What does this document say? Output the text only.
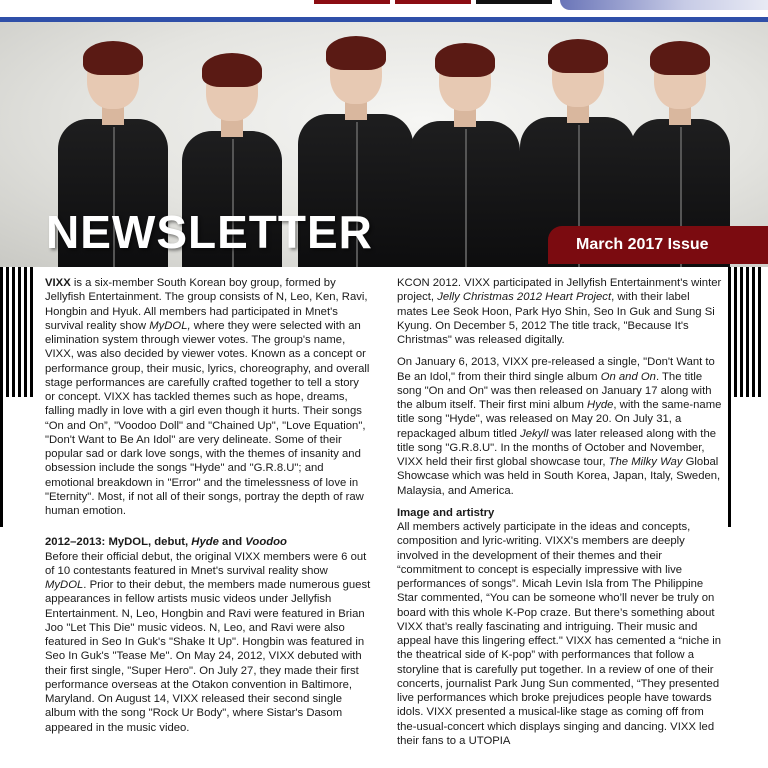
NEWSLETTER	March 2017 Issue

VIXX is a six-member South Korean boy group, formed by Jellyfish Entertainment. The group consists of N, Leo, Ken, Ravi, Hongbin and Hyuk. All members had participated in Mnet's survival reality show MyDOL, where they were selected with an elimination system through viewer votes. The group's name, VIXX, was also decided by viewer votes. Known as a concept or performance group, their music, lyrics, choreography, and overall stage performances are carefully crafted together to tell a story or concept. VIXX has tackled themes such as hope, dreams, falling madly in love with a girl even though it hurts. Their songs “On and On”, "Voodoo Doll" and "Chained Up", "Love Equation", "Don't Want to Be An Idol" are very delineate. Some of their popular sad or dark love songs, with the themes of insanity and obsession include the songs "Hyde" and "G.R.8.U"; and emotional breakdown in "Error" and the timelessness of love in "Eternity". Most, if not all of their songs, portray the depth of raw human emotion.

2012–2013: MyDOL, debut, Hyde and Voodoo

Before their official debut, the original VIXX members were 6 out of 10 contestants featured in Mnet's survival reality show MyDOL. Prior to their debut, the members made numerous guest appearances in fellow artists music videos under Jellyfish Entertainment. N, Leo, Hongbin and Ravi were featured in Brian Joo "Let This Die" music videos. N, Leo, and Ravi were also featured in Seo In Guk's "Shake It Up". Hongbin was featured in Seo In Guk's "Tease Me". On May 24, 2012, VIXX debuted with their first single, "Super Hero". On July 27, they made their first performance overseas at the Otakon convention in Baltimore, Maryland. On August 14, VIXX released their second single album with the song "Rock Ur Body", where Sistar's Dasom appeared in the music video.

KCON 2012. VIXX participated in Jellyfish Entertainment's winter project, Jelly Christmas 2012 Heart Project, with their label mates Lee Seok Hoon, Park Hyo Shin, Seo In Guk and Sung Si Kyung. On December 5, 2012 The title track, "Because It's Christmas" was released digitally.

On January 6, 2013, VIXX pre-released a single, "Don't Want to Be an Idol," from their third single album On and On. The title song "On and On" was then released on January 17 along with the album itself. Their first mini album Hyde, with the same-name title song "Hyde", was released on May 20. On July 31, a repackaged album titled Jekyll was later released along with the title song "G.R.8.U". In the months of October and November, VIXX held their first global showcase tour, The Milky Way Global Showcase which was held in South Korea, Japan, Italy, Sweden, Malaysia, and America.

Image and artistry

All members actively participate in the ideas and concepts, composition and lyric-writing. VIXX's members are deeply involved in the development of their themes and their “commitment to concept is especially impressive with live performances of songs”. Micah Levin Isla from The Philippine Star commented, “You can be someone who’ll never be truly on board with this whole K-Pop craze. But there’s something about VIXX that’s really fascinating and intriguing. Their music and appeal have this lingering effect." VIXX has cemented a “niche in the theatrical side of K-pop” with performances that follow a storyline that is carefully put together. In a review of one of their concerts, journalist Park Jung Sun commented, “They presented live performances which broke prejudices people have towards idols. VIXX presented a musical-like stage as coming off from the-usual-concert which displays singing and dancing. VIXX led their fans to a UTOPIA
